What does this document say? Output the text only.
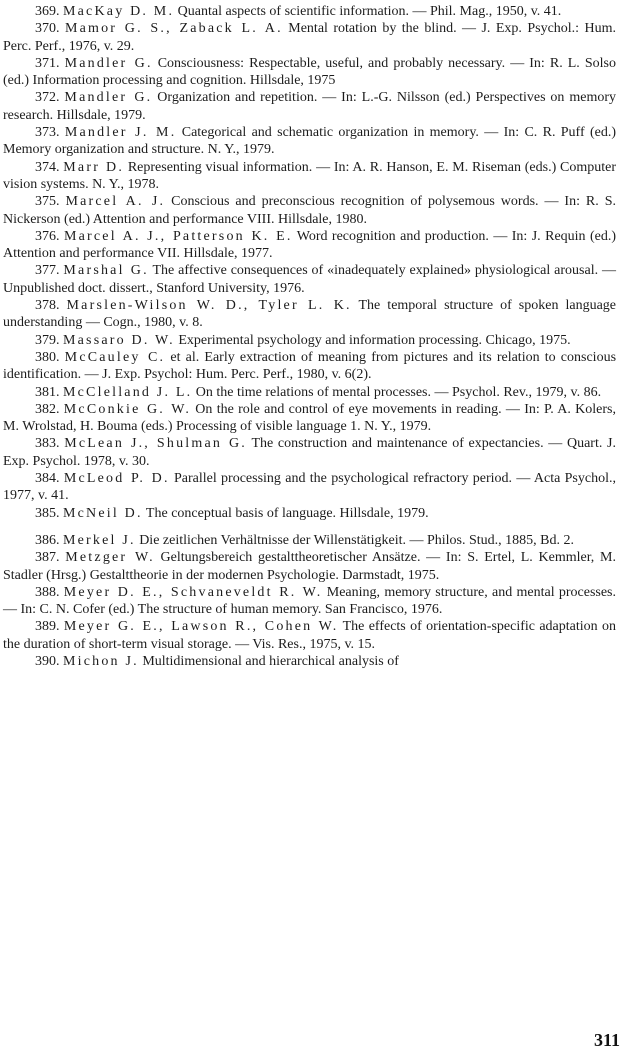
369. MacKay D. M. Quantal aspects of scientific information. — Phil. Mag., 1950, v. 41.

370. Mamor G. S., Zaback L. A. Mental rotation by the blind. — J. Exp. Psychol.: Hum. Perc. Perf., 1976, v. 29.

371. Mandler G. Consciousness: Respectable, useful, and probably necessary. — In: R. L. Solso (ed.) Information processing and cognition. Hillsdale, 1975

372. Mandler G. Organization and repetition. — In: L.-G. Nilsson (ed.) Perspectives on memory research. Hillsdale, 1979.

373. Mandler J. M. Categorical and schematic organization in memory. — In: C. R. Puff (ed.) Memory organization and structure. N. Y., 1979.

374. Marr D. Representing visual information. — In: A. R. Hanson, E. M. Riseman (eds.) Computer vision systems. N. Y., 1978.

375. Marcel A. J. Conscious and preconscious recognition of polysemous words. — In: R. S. Nickerson (ed.) Attention and performance VIII. Hillsdale, 1980.

376. Marcel A. J., Patterson K. E. Word recognition and production. — In: J. Requin (ed.) Attention and performance VII. Hillsdale, 1977.

377. Marshal G. The affective consequences of «inadequately explained» physiological arousal. — Unpublished doct. dissert., Stanford University, 1976.

378. Marslen-Wilson W. D., Tyler L. K. The temporal structure of spoken language understanding — Cogn., 1980, v. 8.

379. Massaro D. W. Experimental psychology and information processing. Chicago, 1975.

380. McCauley C. et al. Early extraction of meaning from pictures and its relation to conscious identification. — J. Exp. Psychol: Hum. Perc. Perf., 1980, v. 6(2).

381. McClelland J. L. On the time relations of mental processes. — Psychol. Rev., 1979, v. 86.

382. McConkie G. W. On the role and control of eye movements in reading. — In: P. A. Kolers, M. Wrolstad, H. Bouma (eds.) Processing of visible language 1. N. Y., 1979.

383. McLean J., Shulman G. The construction and maintenance of expectancies. — Quart. J. Exp. Psychol. 1978, v. 30.

384. McLeod P. D. Parallel processing and the psychological refractory period. — Acta Psychol., 1977, v. 41.

385. McNeil D. The conceptual basis of language. Hillsdale, 1979.

386. Merkel J. Die zeitlichen Verhältnisse der Willenstätigkeit. — Philos. Stud., 1885, Bd. 2.

387. Metzger W. Geltungsbereich gestalttheoretischer Ansätze. — In: S. Ertel, L. Kemmler, M. Stadler (Hrsg.) Gestalttheorie in der modernen Psychologie. Darmstadt, 1975.

388. Meyer D. E., Schvaneveldt R. W. Meaning, memory structure, and mental processes. — In: C. N. Cofer (ed.) The structure of human memory. San Francisco, 1976.

389. Meyer G. E., Lawson R., Cohen W. The effects of orientation-specific adaptation on the duration of short-term visual storage. — Vis. Res., 1975, v. 15.

390. Michon J. Multidimensional and hierarchical analysis of

311
